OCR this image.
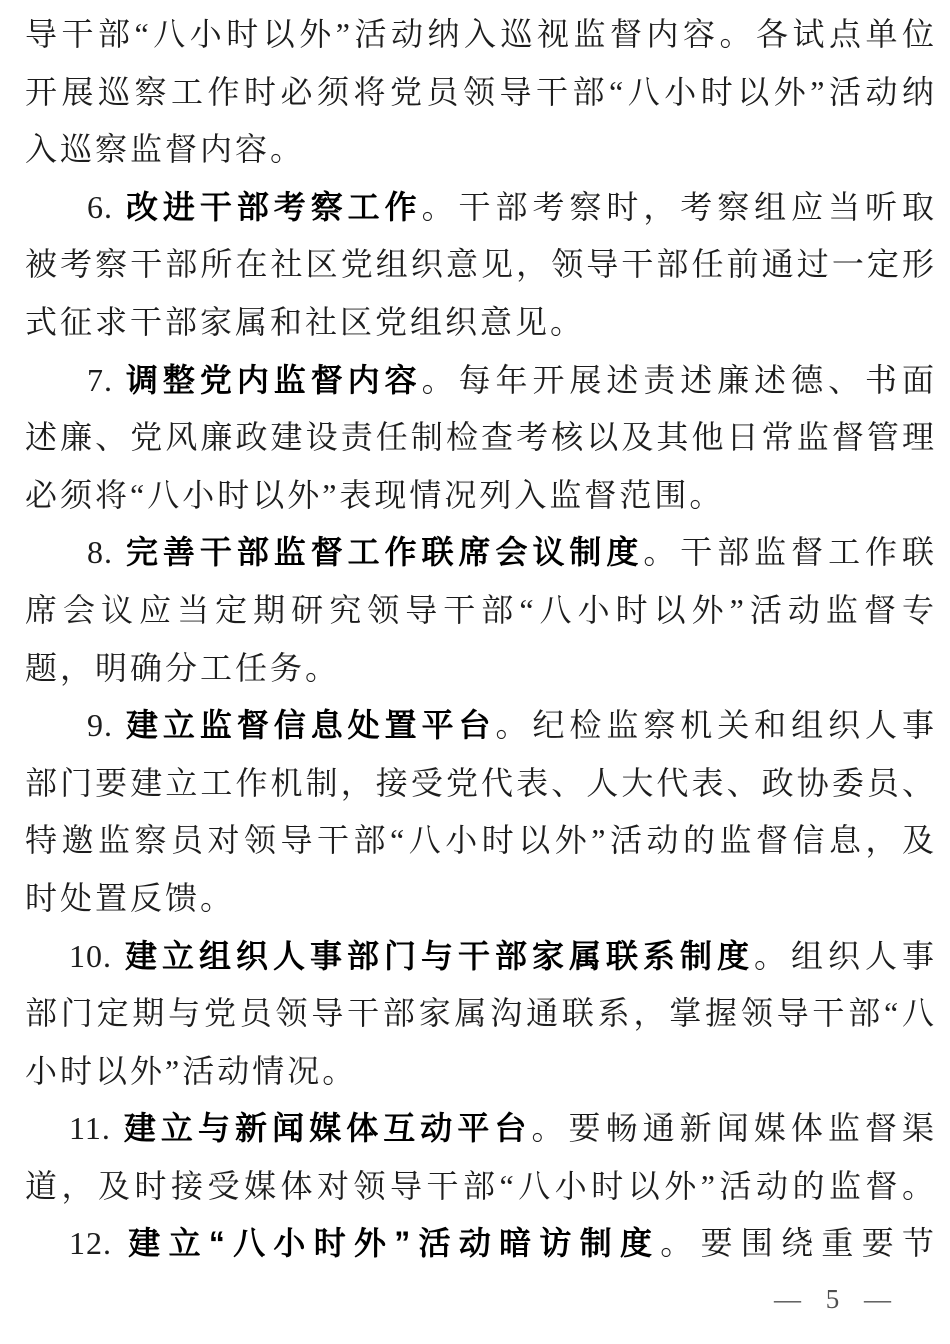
导干部“八小时以外”活动纳入巡视监督内容。各试点单位
开展巡察工作时必须将党员领导干部“八小时以外”活动纳
入巡察监督内容。
6. 改进干部考察工作。干部考察时，考察组应当听取
被考察干部所在社区党组织意见，领导干部任前通过一定形
式征求干部家属和社区党组织意见。
7. 调整党内监督内容。每年开展述责述廉述德、书面
述廉、党风廉政建设责任制检查考核以及其他日常监督管理
必须将“八小时以外”表现情况列入监督范围。
8. 完善干部监督工作联席会议制度。干部监督工作联
席会议应当定期研究领导干部“八小时以外”活动监督专
题，明确分工任务。
9. 建立监督信息处置平台。纪检监察机关和组织人事
部门要建立工作机制，接受党代表、人大代表、政协委员、
特邀监察员对领导干部“八小时以外”活动的监督信息，及
时处置反馈。
10. 建立组织人事部门与干部家属联系制度。组织人事
部门定期与党员领导干部家属沟通联系，掌握领导干部“八
小时以外”活动情况。
11. 建立与新闻媒体互动平台。要畅通新闻媒体监督渠
道，及时接受媒体对领导干部“八小时以外”活动的监督。
12. 建立“八小时外”活动暗访制度。要围绕重要节
— 5 —
